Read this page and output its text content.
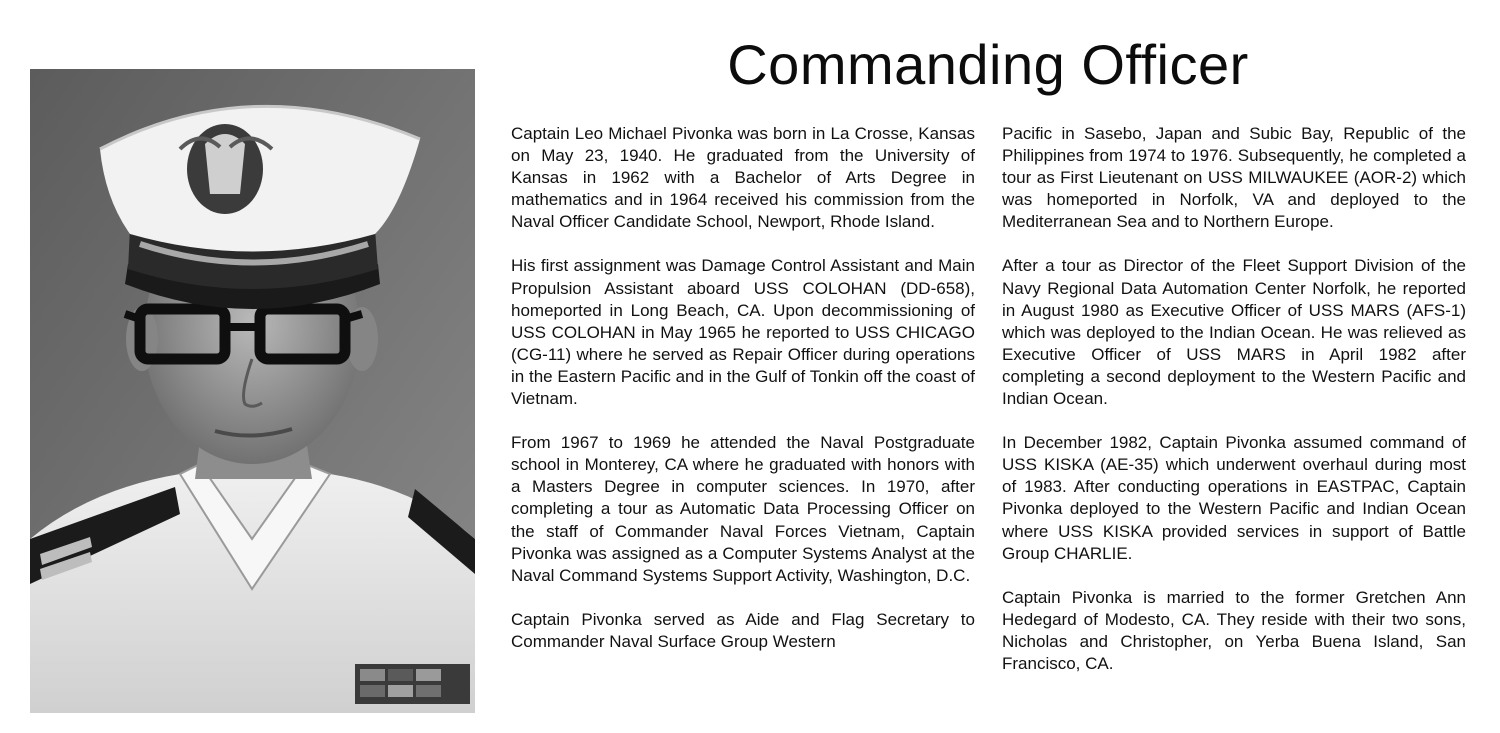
Commanding Officer

Captain Leo Michael Pivonka was born in La Crosse, Kansas on May 23, 1940. He graduated from the University of Kansas in 1962 with a Bachelor of Arts Degree in mathematics and in 1964 received his commission from the Naval Officer Candidate School, Newport, Rhode Island.

His first assignment was Damage Control Assistant and Main Propulsion Assistant aboard USS COLOHAN (DD-658), homeported in Long Beach, CA. Upon decommissioning of USS COLOHAN in May 1965 he reported to USS CHICAGO (CG-11) where he served as Repair Officer during operations in the Eastern Pacific and in the Gulf of Tonkin off the coast of Vietnam.

From 1967 to 1969 he attended the Naval Postgraduate school in Monterey, CA where he graduated with honors with a Masters Degree in computer sciences. In 1970, after completing a tour as Automatic Data Processing Officer on the staff of Commander Naval Forces Vietnam, Captain Pivonka was assigned as a Computer Systems Analyst at the Naval Command Systems Support Activity, Washington, D.C.

Captain Pivonka served as Aide and Flag Secretary to Commander Naval Surface Group Western

Pacific in Sasebo, Japan and Subic Bay, Republic of the Philippines from 1974 to 1976. Subsequently, he completed a tour as First Lieutenant on USS MILWAUKEE (AOR-2) which was homeported in Norfolk, VA and deployed to the Mediterranean Sea and to Northern Europe.

After a tour as Director of the Fleet Support Division of the Navy Regional Data Automation Center Norfolk, he reported in August 1980 as Executive Officer of USS MARS (AFS-1) which was deployed to the Indian Ocean. He was relieved as Executive Officer of USS MARS in April 1982 after completing a second deployment to the Western Pacific and Indian Ocean.

In December 1982, Captain Pivonka assumed command of USS KISKA (AE-35) which underwent overhaul during most of 1983. After conducting operations in EASTPAC, Captain Pivonka deployed to the Western Pacific and Indian Ocean where USS KISKA provided services in support of Battle Group CHARLIE.

Captain Pivonka is married to the former Gretchen Ann Hedegard of Modesto, CA. They reside with their two sons, Nicholas and Christopher, on Yerba Buena Island, San Francisco, CA.
